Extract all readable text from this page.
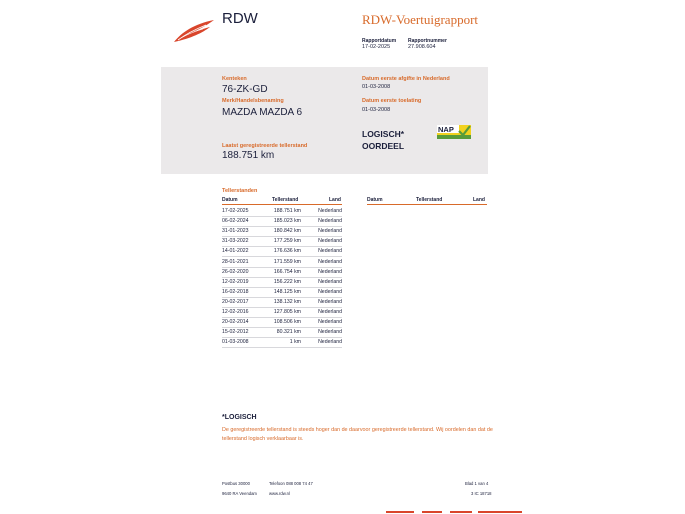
RDW	RDW-Voertuigrapport
Rapportdatum
17-02-2025
Rapportnummer
27.908.604
Kenteken
76-ZK-GD
Merk/Handelsbenaming
MAZDA MAZDA 6
Laatst geregistreerde tellerstand
188.751 km
Datum eerste afgifte in Nederland
01-03-2008
Datum eerste toelating
01-03-2008
LOGISCH*
OORDEEL
NAP
Tellerstanden
Datum	Tellerstand	Land	Datum	Tellerstand	Land
17-02-2025	188.751 km	Nederland
06-02-2024	185.023 km	Nederland
31-01-2023	180.842 km	Nederland
31-03-2022	177.259 km	Nederland
14-01-2022	176.636 km	Nederland
28-01-2021	171.559 km	Nederland
26-02-2020	166.754 km	Nederland
12-02-2019	156.222 km	Nederland
16-02-2018	148.125 km	Nederland
20-02-2017	138.132 km	Nederland
12-02-2016	127.805 km	Nederland
20-02-2014	108.506 km	Nederland
15-02-2012	80.321 km	Nederland
01-03-2008	1 km	Nederland
*LOGISCH
De geregistreerde tellerstand is steeds hoger dan de daarvoor geregistreerde tellerstand. Wij oordelen dan dat de tellerstand logisch verklaarbaar is.
Postbus 30000
9640 RA Veendam
Telefoon 088 008 74 47
www.rdw.nl
Blad 1 van 4
3 IC 18718
